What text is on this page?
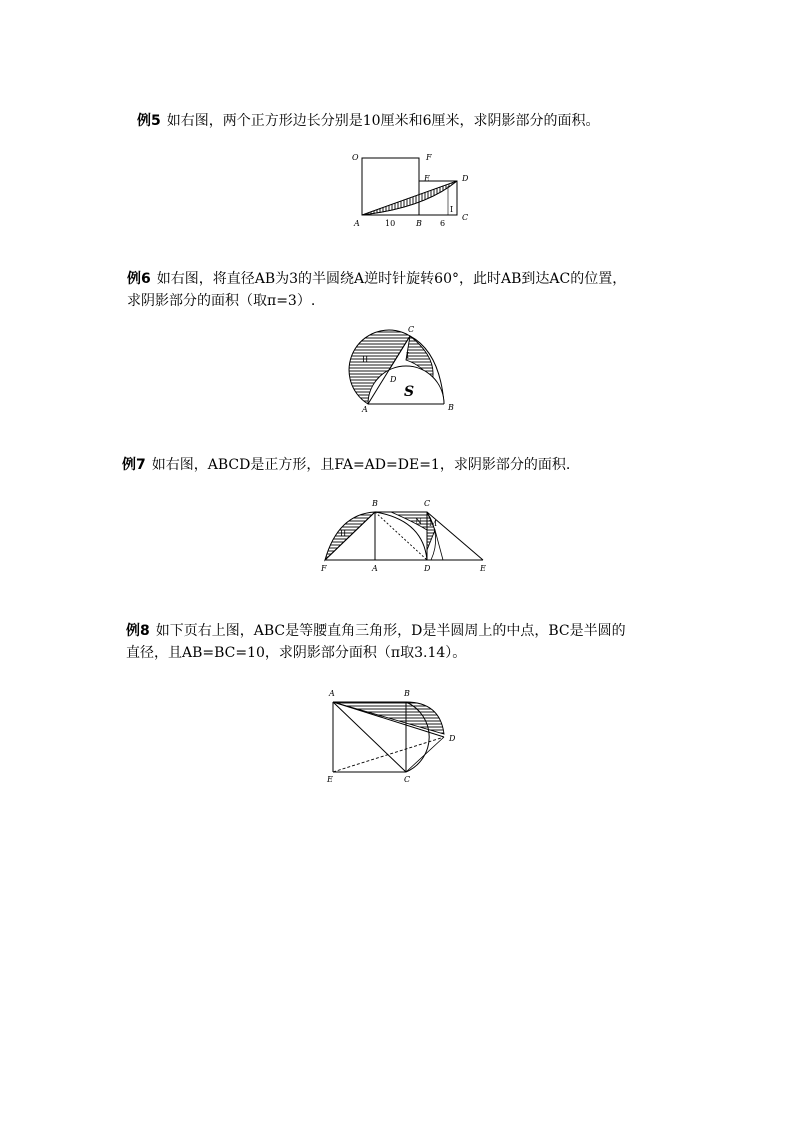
例5 如右图，两个正方形边长分别是10厘米和6厘米，求阴影部分的面积。

O	F
E	D
I
A	10	B 6
C

例6 如右图，将直径AB为3的半圆绕A逆时针旋转60°，此时AB到达AC的位置，
求阴影部分的面积（取π=3）.

C
I
II
D
S
A	B

例7 如右图，ABCD是正方形，且FA=AD=DE=1，求阴影部分的面积.

B	C
II
N M
F	A	D	E

例8 如下页右上图，ABC是等腰直角三角形，D是半圆周上的中点，BC是半圆的
直径，且AB=BC=10，求阴影部分面积（π取3.14）。

A	B
D
E	C
